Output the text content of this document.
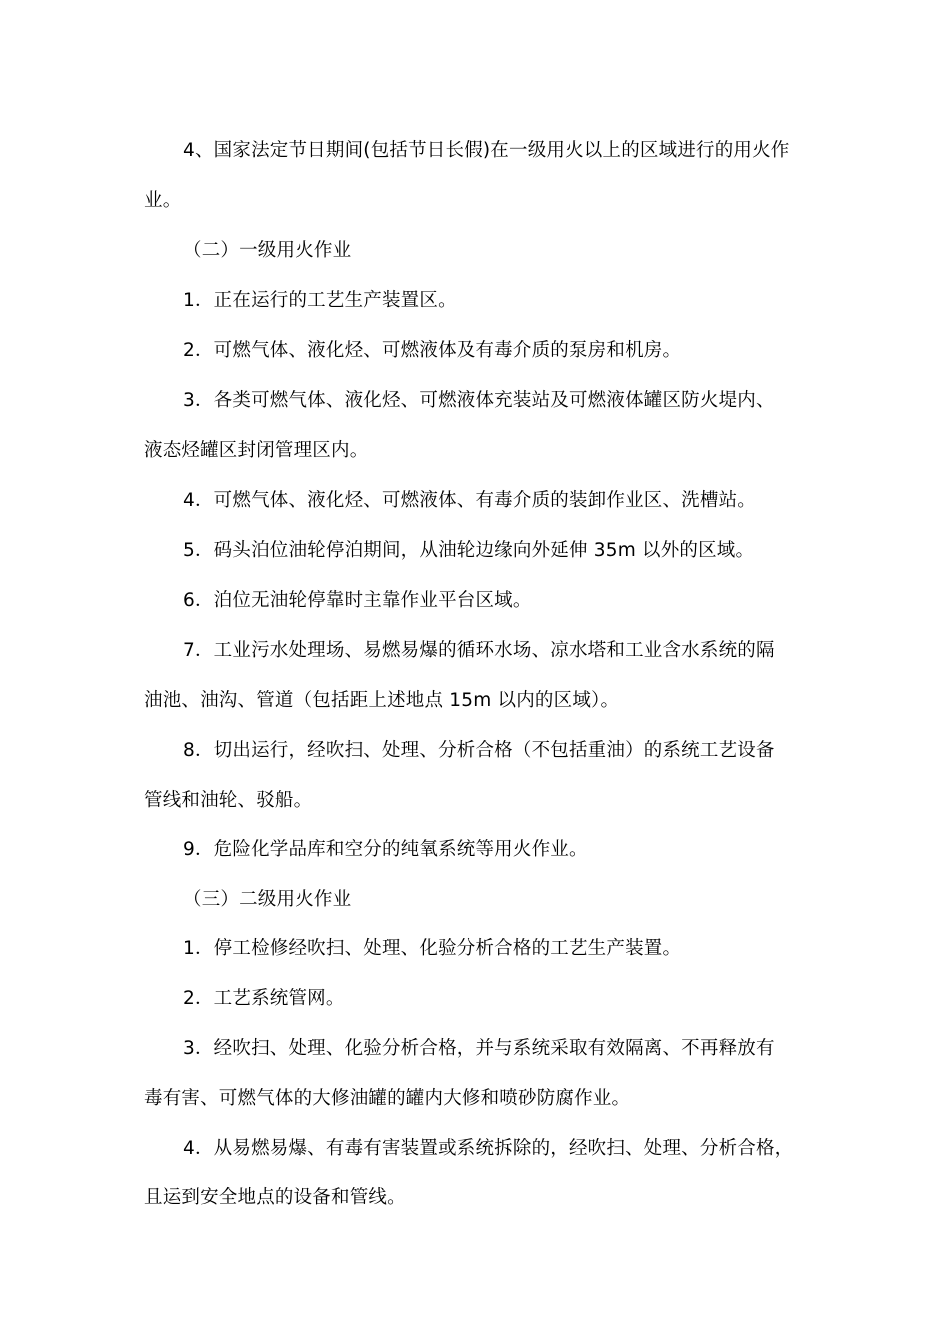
4、国家法定节日期间(包括节日长假)在一级用火以上的区域进行的用火作
业。
（二）一级用火作业
1．正在运行的工艺生产装置区。
2．可燃气体、液化烃、可燃液体及有毒介质的泵房和机房。
3．各类可燃气体、液化烃、可燃液体充装站及可燃液体罐区防火堤内、
液态烃罐区封闭管理区内。
4．可燃气体、液化烃、可燃液体、有毒介质的装卸作业区、洗槽站。
5．码头泊位油轮停泊期间，从油轮边缘向外延伸 35m 以外的区域。
6．泊位无油轮停靠时主靠作业平台区域。
7．工业污水处理场、易燃易爆的循环水场、凉水塔和工业含水系统的隔
油池、油沟、管道（包括距上述地点 15m 以内的区域）。
8．切出运行，经吹扫、处理、分析合格（不包括重油）的系统工艺设备
管线和油轮、驳船。
9．危险化学品库和空分的纯氧系统等用火作业。
（三）二级用火作业
1．停工检修经吹扫、处理、化验分析合格的工艺生产装置。
2．工艺系统管网。
3．经吹扫、处理、化验分析合格，并与系统采取有效隔离、不再释放有
毒有害、可燃气体的大修油罐的罐内大修和喷砂防腐作业。
4．从易燃易爆、有毒有害装置或系统拆除的，经吹扫、处理、分析合格，
且运到安全地点的设备和管线。
